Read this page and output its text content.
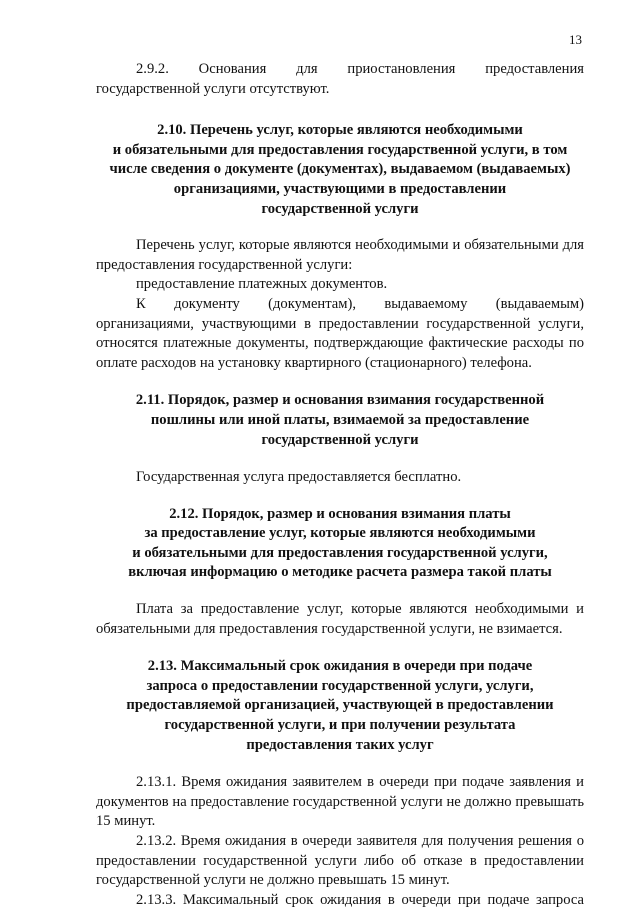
13

2.9.2. Основания для приостановления предоставления

государственной услуги отсутствуют.

2.10. Перечень услуг, которые являются необходимыми
и обязательными для предоставления государственной услуги, в том
числе сведения о документе (документах), выдаваемом (выдаваемых)
организациями, участвующими в предоставлении
государственной услуги

Перечень услуг, которые являются необходимыми и обязательными для предоставления государственной услуги:

предоставление платежных документов.

К документу (документам), выдаваемому (выдаваемым) организациями, участвующими в предоставлении государственной услуги, относятся платежные документы, подтверждающие фактические расходы по оплате расходов на установку квартирного (стационарного) телефона.

2.11. Порядок, размер и основания взимания государственной
пошлины или иной платы, взимаемой за предоставление
государственной услуги

Государственная услуга предоставляется бесплатно.

2.12. Порядок, размер и основания взимания платы
за предоставление услуг, которые являются необходимыми
и обязательными для предоставления государственной услуги,
включая информацию о методике расчета размера такой платы

Плата за предоставление услуг, которые являются необходимыми и обязательными для предоставления государственной услуги, не взимается.

2.13. Максимальный срок ожидания в очереди при подаче
запроса о предоставлении государственной услуги, услуги,
предоставляемой организацией, участвующей в предоставлении
государственной услуги, и при получении результата
предоставления таких услуг

2.13.1. Время ожидания заявителем в очереди при подаче заявления и документов на предоставление государственной услуги не должно превышать 15 минут.

2.13.2. Время ожидания в очереди заявителя для получения решения о предоставлении государственной услуги либо об отказе в предоставлении государственной услуги не должно превышать 15 минут.

2.13.3. Максимальный срок ожидания в очереди при подаче запроса
